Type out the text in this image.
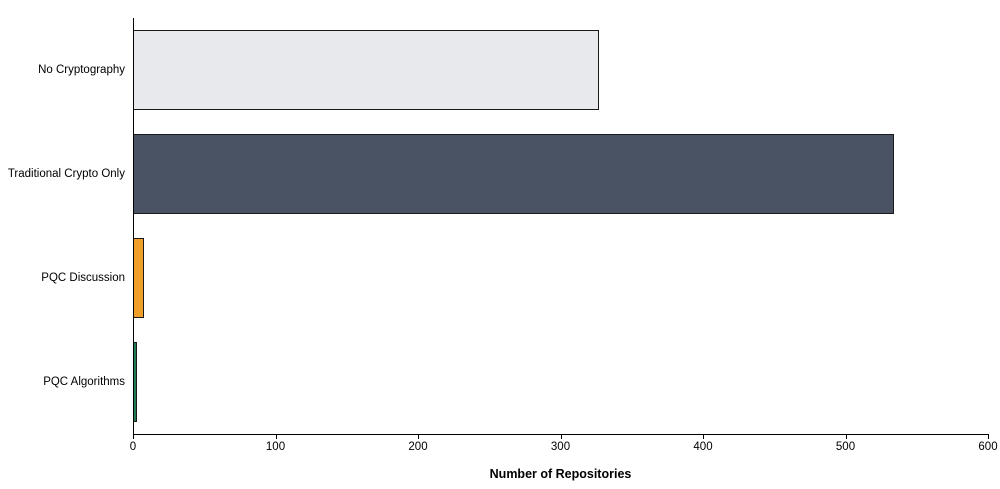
No Cryptography
Traditional Crypto Only
PQC Discussion
PQC Algorithms
0	100	200	300	400	500	600
Number of Repositories
